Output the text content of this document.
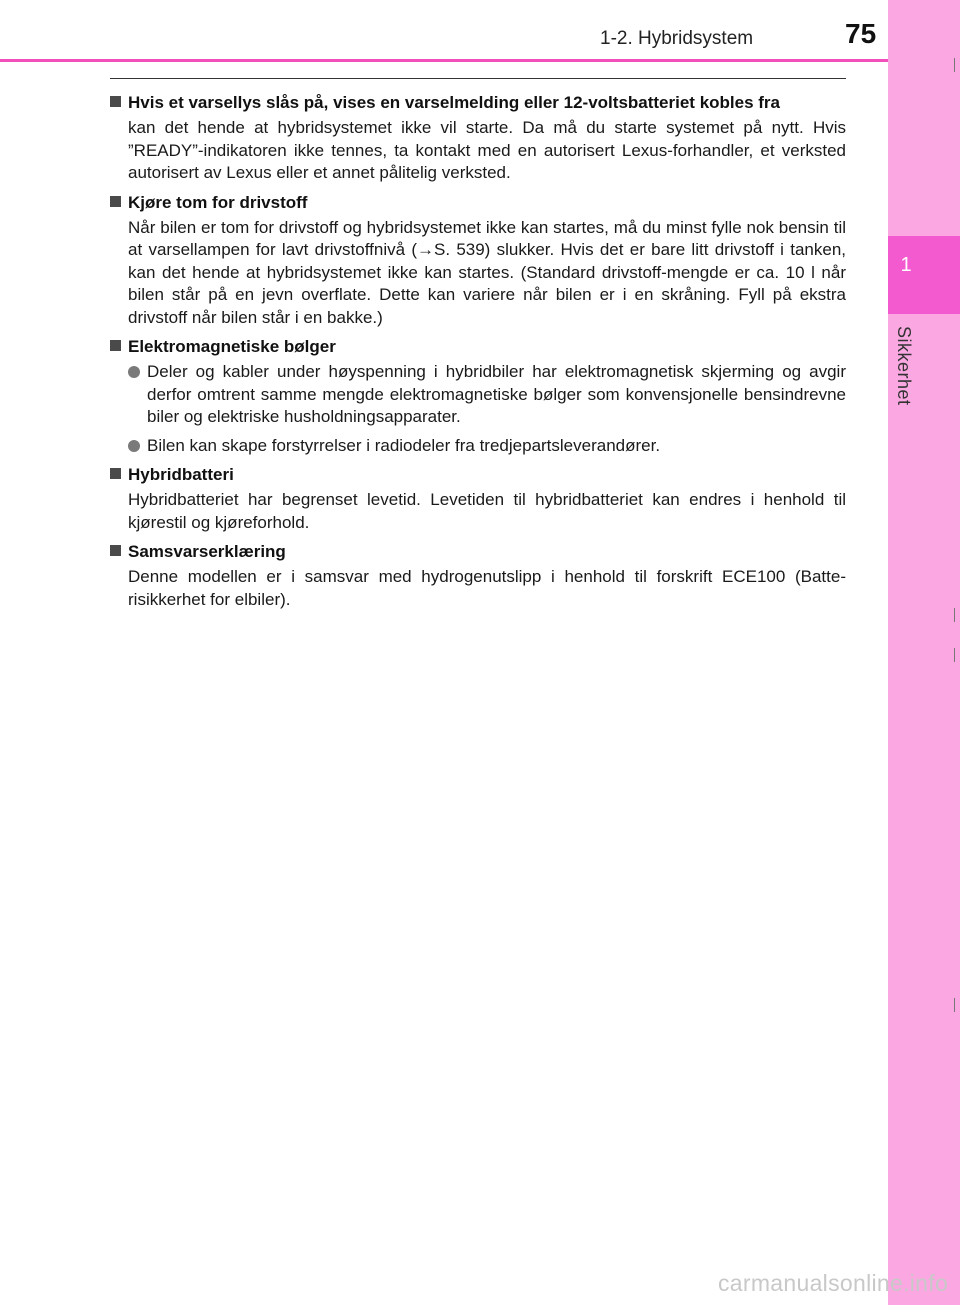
1-2. Hybridsystem	75
1
Sikkerhet
Hvis et varsellys slås på, vises en varselmelding eller 12-voltsbatteriet kobles fra
kan det hende at hybridsystemet ikke vil starte. Da må du starte systemet på nytt. Hvis ”READY”-indikatoren ikke tennes, ta kontakt med en autorisert Lexus-forhandler, et verksted autorisert av Lexus eller et annet pålitelig verksted.
Kjøre tom for drivstoff
Når bilen er tom for drivstoff og hybridsystemet ikke kan startes, må du minst fylle nok bensin til at varsellampen for lavt drivstoffnivå (→S. 539) slukker. Hvis det er bare litt drivstoff i tanken, kan det hende at hybridsystemet ikke kan startes. (Standard drivstoff-mengde er ca. 10 l når bilen står på en jevn overflate. Dette kan variere når bilen er i en skråning. Fyll på ekstra drivstoff når bilen står i en bakke.)
Elektromagnetiske bølger
Deler og kabler under høyspenning i hybridbiler har elektromagnetisk skjerming og avgir derfor omtrent samme mengde elektromagnetiske bølger som konvensjonelle bensindrevne biler og elektriske husholdningsapparater.
Bilen kan skape forstyrrelser i radiodeler fra tredjepartsleverandører.
Hybridbatteri
Hybridbatteriet har begrenset levetid. Levetiden til hybridbatteriet kan endres i henhold til kjørestil og kjøreforhold.
Samsvarserklæring
Denne modellen er i samsvar med hydrogenutslipp i henhold til forskrift ECE100 (Batte-risikkerhet for elbiler).
carmanualsonline.info
